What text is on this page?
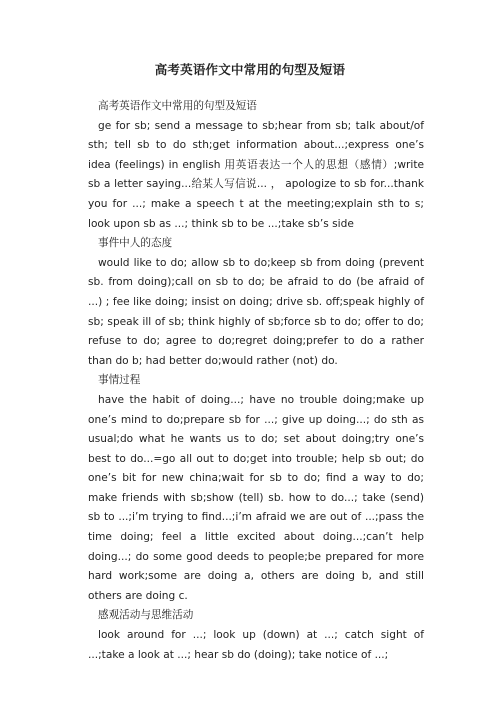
高考英语作文中常用的句型及短语

高考英语作文中常用的句型及短语

ge for sb; send a message to sb;hear from sb; talk about/of sth; tell sb to do sth;get information about...;express one’s idea (feelings) in english 用英语表达一个人的思想（感情）;write sb a letter saying...给某人写信说... ， apologize to sb for...thank you for ...; make a speech t at the meeting;explain sth to s; look upon sb as ...; think sb to be ...;take sb’s side

事件中人的态度

would like to do; allow sb to do;keep sb from doing (prevent sb. from doing);call on sb to do; be afraid to do (be afraid of ...) ; fee like doing; insist on doing; drive sb. off;speak highly of sb; speak ill of sb; think highly of sb;force sb to do; offer to do; refuse to do; agree to do;regret doing;prefer to do a rather than do b; had better do;would rather (not) do.

事情过程

have the habit of doing...; have no trouble doing;make up one’s mind to do;prepare sb for ...; give up doing...; do sth as usual;do what he wants us to do; set about doing;try one’s best to do...=go all out to do;get into trouble; help sb out; do one’s bit for new china;wait for sb to do; find a way to do; make friends with sb;show (tell) sb. how to do...; take (send) sb to ...;i’m trying to find...;i’m afraid we are out of ...;pass the time doing; feel a little excited about doing...;can’t help doing...; do some good deeds to people;be prepared for more hard work;some are doing a, others are doing b, and still others are doing c.

感观活动与思维活动

look around for ...; look up (down) at ...; catch sight of ...;take a look at ...; hear sb do (doing); take notice of ...;
